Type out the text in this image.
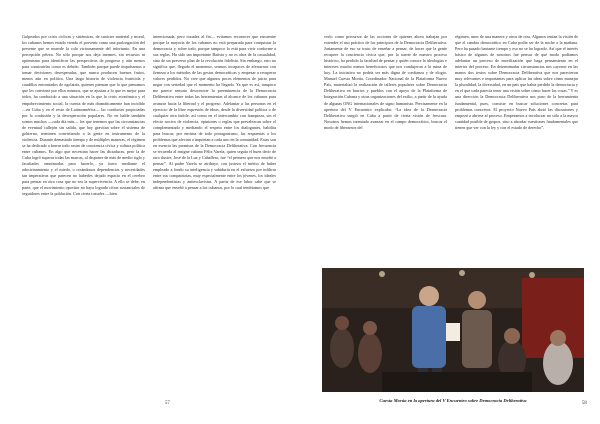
Golpeados por crisis cíclicas y sistémicas, de carácter material y moral, los cubanos hemos estado viendo el porvenir como una prolongación del presente que se muerde la cola vicioasamente del infortunio. En una percepción pétrea. No sólo porque nos deja inermes, sin recursos ni optimismo para identificar las perspectivas de progreso y aún menos para construirlas como es debido. También porque puede impulsarnos a tomar decisiones desesperadas, que nunca producen buenos frutos, menos aún en política. Una larga historia de violencia fratricida y caudillos entroniados de egolatría, quienes piensan que lo que pensamos que les conviene por ellos mismos, que se ajustan a lo que es mejor para todos, ha conducido a una situación en la que la crisis económica y el empobrecimiento social, la cuenta de más dramáticamente han incidido —en Cuba y en el resto de Latinoamérica— las conductas propiciadas por la confusión y la desesperación populares. No en balde también somos muchos —cada día más— los que tenemos que las circunstancias de eventual callejón sin salida, que hoy gravitan sobre el sistema de gobierno, terminen convirtiendo a la gente en instrumento de la violencia. Durante demasiado tiempo y de múltiples maneras, el régimen se ha dedicado a borrar todo rastro de conciencia cívica y cultura política entre cubanos. En algo que necesitan hacer las dictaduras, pero la de Cuba logró superar todas las marcas, al disponer de más de medio siglo y facultades omnímodas para hacerlo, ya fuera mediante el adoctrinamiento y el miedo, o creándonos dependencias y necesidades tan imperativas que parecen no haberles dejado espacio en el cerebro para pensar en otra cosa que no sea la supervivencia. A ello se debe, en parte, que el movimiento opositor no haya logrado cifras sustanciales de seguidores entre la población. Con cierta tozudez —bien

intencionada, pero tozudez al fin— evitamos reconocer que encuentre porque la mayoría de los cubanos no está preparada para conquistar la democracia y, sobre todo, porque tampoco lo está para vivir conforme a sus reglas. Ha sido tan importante Batista y no es obra de la casualidad, sino de un perverso plan de la revolución fidelista. Sin embargo, esto no significa que, llegado el momento, seamos incapaces de aferrarnos con firmeza a los métodos de las gestas democráticas y empezar a recuperar valores perdidos. No cree que algunos pocos elementos de juicio para negar con seriedad que el momento ha llegado. Ya que es así, tampoco me parece sensato desconocer la preeminencia de la Democracia Deliberativa entre todas las herramientas al alcance de los cubanos para avanzar hacia la libertad y el progreso. Adelantar a las personas en el ejercicio de la libre expresión de ideas, desde la diversidad política o de cualquier otra índole, así como en el intercambio con franqueza, sin el efecto nocivo de violencia, opiniones o reglas que prevalezcan sobre el complementado y mediando el respeto entre los dialogantes, habilita para buscar, por encima de todo protagonismo, las respuestas a los problemas que afectan o inquietan a cada uno en la comunidad. Estas son en esencia las premisas de la Democracia Deliberativa. Con frecuencia se recuerda al insigne cubano Félix Varela, quien seguía el buen decir de otro ilustre, José de la Luz y Caballero, fue “el primero que nos enseñó a pensar”. Al padre Varela se atribuye, con justeza el mérito de haber empleado a fondo su inteligencia y sabiduría en el esfuerzo por infiltrar entre sus compatriotas, muy especialmente entre los jóvenes, los ideales independentistas y antiesclavistas. A partir de ese labor cabe que se afirma que enseñó a pensar a los cubanos, por lo cual tendríamos que

57

verlo como precursor de las acciones de quienes ahora trabajan por extender el uso práctico de los principios de la Democracia Deliberativa. Justamente de eso se trata: de enseñar a pensar, de hacer que la gente recupere la conciencia cívica que, por la suerte de nuestro proceso histórico, ha perdido la facultad de pensar y quién conoce la ideologías e intereses mucho menos beneficiosos que nos condujeron a la ruina de hoy. La iniciativa no podría ser más digna de confianza y de elogio. Manuel Cuesta Morúa, Coordinador Nacional de la Plataforma Nuevo País, materializó la realización de talleres populares sobre Democracia Deliberativa en barrios y pueblos con el apoyo de la Plataforma de Integración Cubana y otras organizaciones del exilio, a partir de la ayuda de algunas ONG internacionales de signo humanista. Precisamente en la apertura del V Encuentro explicaba: “La idea de la Democracia Deliberativa surgió en Cuba a partir de cierta visión de frescura. Nosotros hemos intentado avanzar en el campo democrático, buscar el modo de liberarnos del

régimen, unos de una manera y otros de otra. Algunos tenían la visión de que el cambio democrático en Cuba podía ser de la noche a la mañana. Pero ha pasado bastante tiempo y eso no se ha logrado. Así que el interés básico de algunos de nosotros fue pensar de qué modo podíamos adelantar un proceso de movilización que haga pensamiento en el interior del proceso. En determinadas circunstancias nos cayeron en las manos dos textos sobre Democracia Deliberativa que nos parecieron muy relevantes e importantes para aplicar las ideas sobre cómo manejar la pluralidad, la diversidad, en un país que había perdido la democracia y en el que cada parecía tener una visión sobre cómo hacer las cosas.” Y es una dirección la Democracia Deliberativa nos puso de la herramienta fundamental, pues, consiste en buscar soluciones concretas para problemas concretos. El proyecto Nuevo País abrió las discusiones y empezó a abrirse al proceso. Empezamos a involucrar no sólo a la mayor cantidad posible de grupos, sino a abordar cuestiones fundamentales que tienen que ver con la ley y con el estado de derecho”.

Cuesta Morúa en la apertura del V Encuentro sobre Democracia Deliberativa
58
